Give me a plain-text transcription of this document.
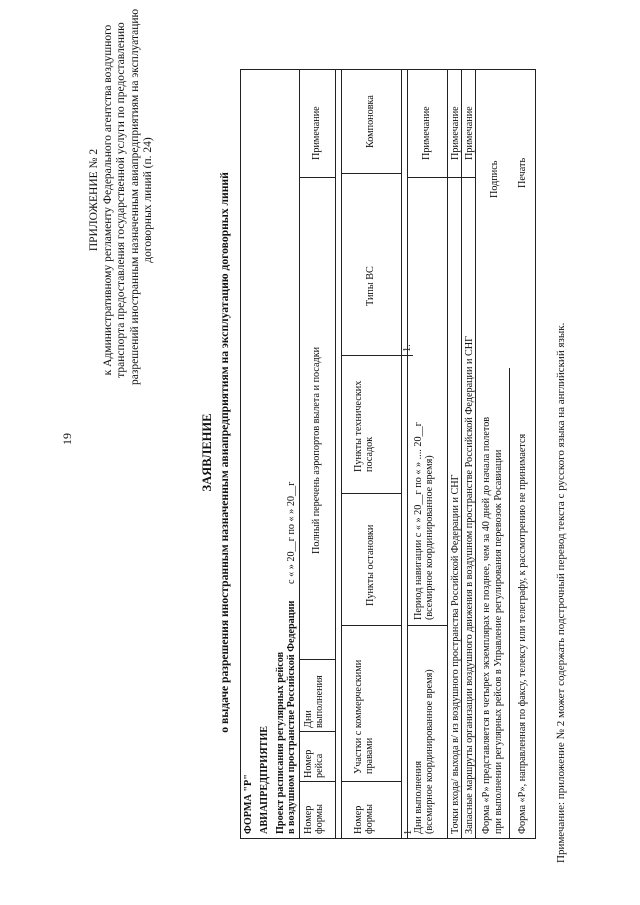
19
ПРИЛОЖЕНИЕ № 2 к Административному регламенту Федерального агентства воздушного транспорта предоставления государственной услуги по предоставлению разрешений иностранным назначенным авиапредприятиям на эксплуатацию договорных линий (п. 24)
ЗАЯВЛЕНИЕ о выдаче разрешения иностранным назначенным авиапредприятиям на эксплуатацию договорных линий
ФОРМА "Р" АВИАПРЕДПРИЯТИЕ Проект расписания регулярных рейсов в воздушном пространстве Российской Федерации
с « » 20__г по « » 20__г
Номер
формы
Номер
рейса
Дни
выполнения
Полный перечень аэропортов вылета и посадки
Примечание
Номер
формы
Участки с коммерческими
правами
Пункты остановки
Пункты технических
посадок
Типы ВС
Компоновка
1 Дни выполнения
(всемирное координированное время)
Период навигации с « » 20__г по « » .... 20__г
(всемирное координированное время)
1.
Примечание
Точки входа/ выхода в/ из воздушного пространства Российской Федерации и СНГ
Примечание
Запасные маршруты организации воздушного движения в воздушном пространстве Российской Федерации и СНГ
Примечание
Форма «Р» представляется в четырех экземплярах не позднее, чем за 40 дней до начала полетов при выполнении регулярных рейсов в Управление регулирования перевозок Росавиации
Подпись
Форма «Р», направленная по факсу, телексу или телеграфу, к рассмотрению не принимается
Печать
Примечание: приложение № 2 может содержать подстрочный перевод текста с русского языка на английский язык.
